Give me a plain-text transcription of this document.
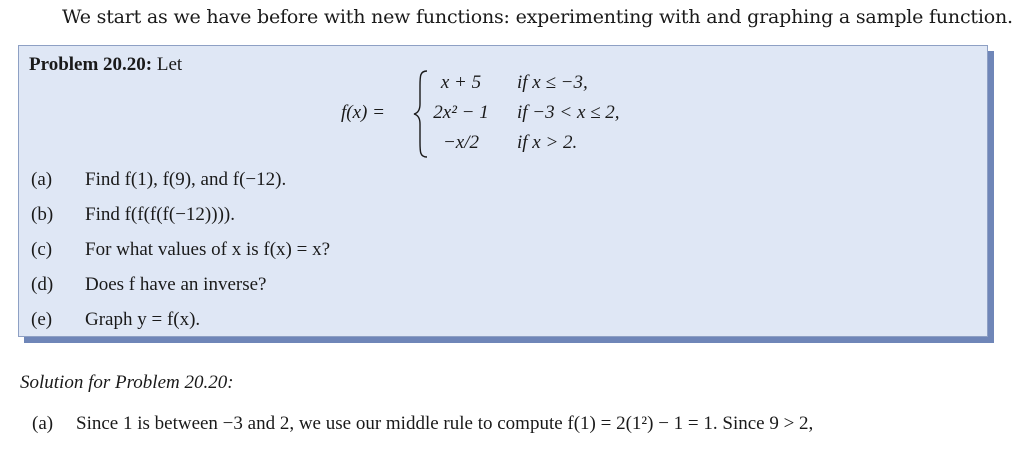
We start as we have before with new functions: experimenting with and graphing a sample function.
Problem 20.20: Let
f(x) =
x + 5	if x ≤ −3,
2x² − 1	if −3 < x ≤ 2,
−x/2	if x > 2.
(a)	Find f(1), f(9), and f(−12).
(b)	Find f(f(f(f(−12)))).
(c)	For what values of x is f(x) = x?
(d)	Does f have an inverse?
(e)	Graph y = f(x).
Solution for Problem 20.20:
(a) Since 1 is between −3 and 2, we use our middle rule to compute f(1) = 2(1²) − 1 = 1. Since 9 > 2,
